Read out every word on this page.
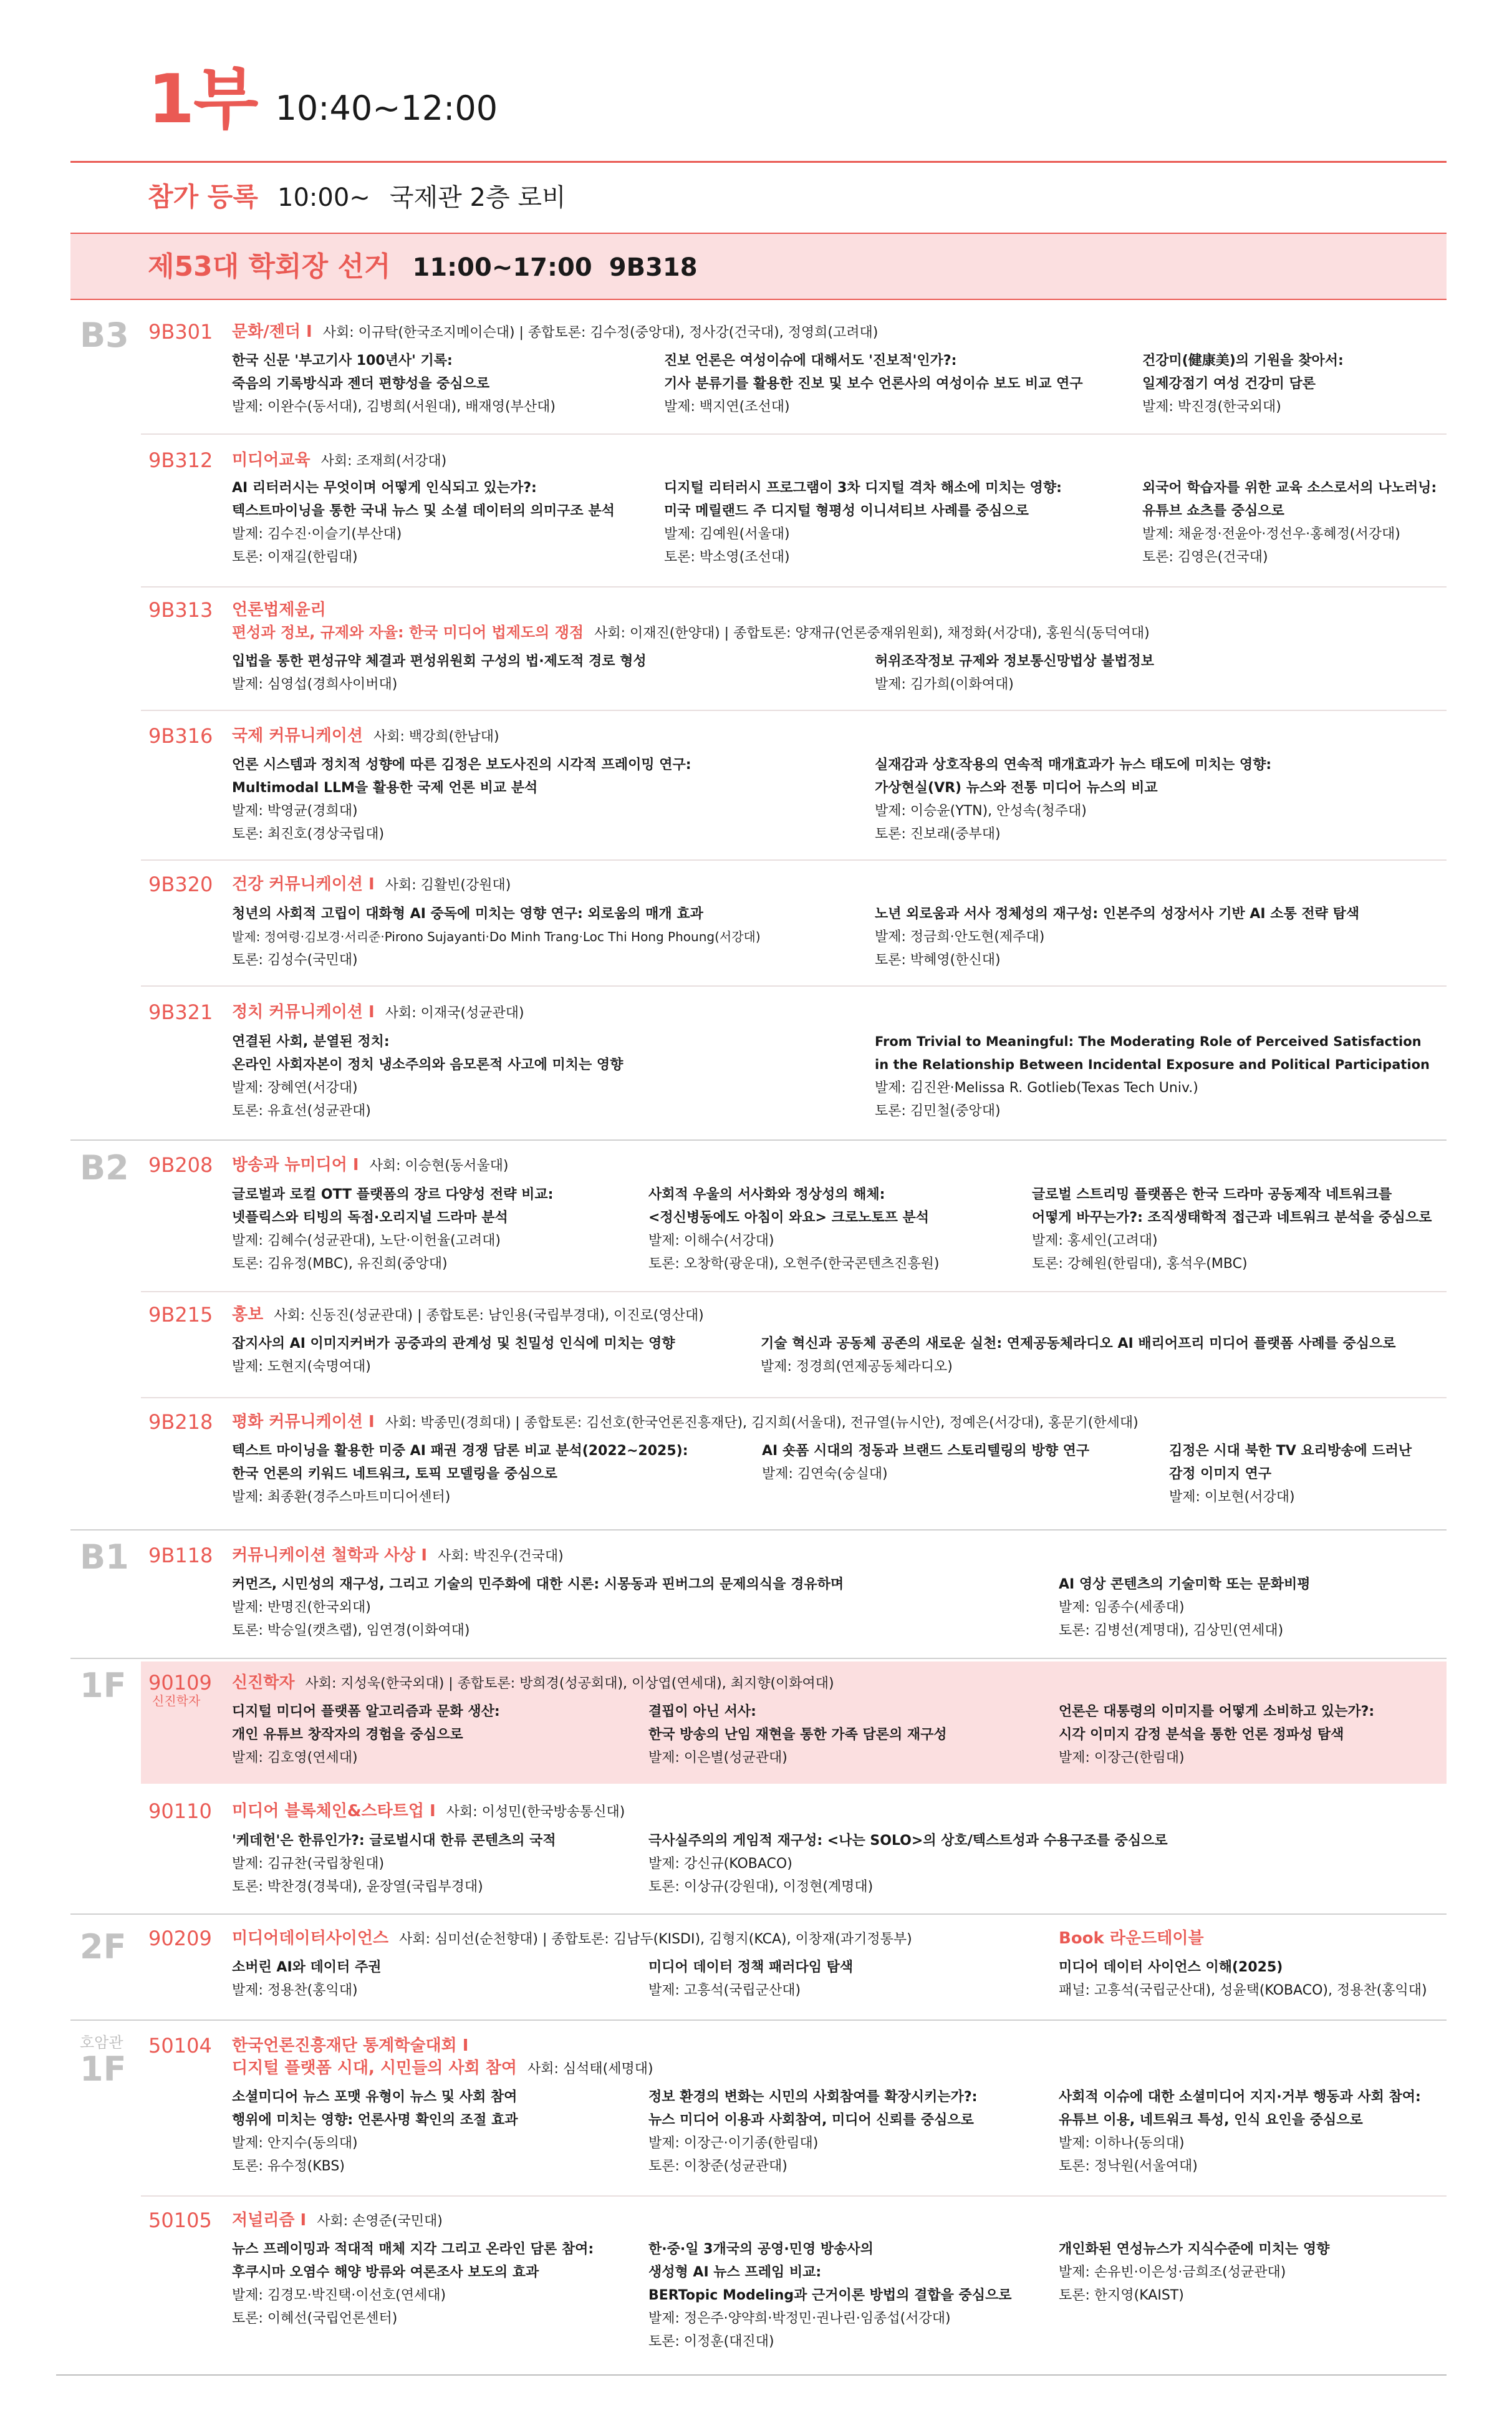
1부 10:40~12:00
참가 등록 10:00~ 국제관 2층 로비
제53대 학회장 선거 11:00~17:00 9B318
B3
B2
B1
1F
2F
호암관
1F
9B301 문화/젠더 I 사회: 이규탁(한국조지메이슨대) | 종합토론: 김수정(중앙대), 정사강(건국대), 정영희(고려대)
한국 신문 '부고기사 100년사' 기록:
죽음의 기록방식과 젠더 편향성을 중심으로
발제: 이완수(동서대), 김병희(서원대), 배재영(부산대)
진보 언론은 여성이슈에 대해서도 '진보적'인가?:
기사 분류기를 활용한 진보 및 보수 언론사의 여성이슈 보도 비교 연구
발제: 백지연(조선대)
건강미(健康美)의 기원을 찾아서:
일제강점기 여성 건강미 담론
발제: 박진경(한국외대)
9B312 미디어교육 사회: 조재희(서강대)
AI 리터러시는 무엇이며 어떻게 인식되고 있는가?:
텍스트마이닝을 통한 국내 뉴스 및 소셜 데이터의 의미구조 분석
발제: 김수진·이슬기(부산대)
토론: 이재길(한림대)
디지털 리터러시 프로그램이 3차 디지털 격차 해소에 미치는 영향:
미국 메릴랜드 주 디지털 형평성 이니셔티브 사례를 중심으로
발제: 김예원(서울대)
토론: 박소영(조선대)
외국어 학습자를 위한 교육 소스로서의 나노러닝:
유튜브 쇼츠를 중심으로
발제: 채윤정·전윤아·정선우·홍혜정(서강대)
토론: 김영은(건국대)
9B313 언론법제윤리
편성과 정보, 규제와 자율: 한국 미디어 법제도의 쟁점 사회: 이재진(한양대) | 종합토론: 양재규(언론중재위원회), 채정화(서강대), 홍원식(동덕여대)
입법을 통한 편성규약 체결과 편성위원회 구성의 법·제도적 경로 형성
발제: 심영섭(경희사이버대)
허위조작정보 규제와 정보통신망법상 불법정보
발제: 김가희(이화여대)
9B316 국제 커뮤니케이션 사회: 백강희(한남대)
언론 시스템과 정치적 성향에 따른 김정은 보도사진의 시각적 프레이밍 연구:
Multimodal LLM을 활용한 국제 언론 비교 분석
발제: 박영균(경희대)
토론: 최진호(경상국립대)
실재감과 상호작용의 연속적 매개효과가 뉴스 태도에 미치는 영향:
가상현실(VR) 뉴스와 전통 미디어 뉴스의 비교
발제: 이승윤(YTN), 안성속(청주대)
토론: 진보래(중부대)
9B320 건강 커뮤니케이션 I 사회: 김활빈(강원대)
청년의 사회적 고립이 대화형 AI 중독에 미치는 영향 연구: 외로움의 매개 효과
발제: 정여령·김보경·서리준·Pirono Sujayanti·Do Minh Trang·Loc Thi Hong Phoung(서강대)
토론: 김성수(국민대)
노년 외로움과 서사 정체성의 재구성: 인본주의 성장서사 기반 AI 소통 전략 탐색
발제: 정금희·안도현(제주대)
토론: 박혜영(한신대)
9B321 정치 커뮤니케이션 I 사회: 이재국(성균관대)
연결된 사회, 분열된 정치:
온라인 사회자본이 정치 냉소주의와 음모론적 사고에 미치는 영향
발제: 장혜연(서강대)
토론: 유효선(성균관대)
From Trivial to Meaningful: The Moderating Role of Perceived Satisfaction
in the Relationship Between Incidental Exposure and Political Participation
발제: 김진완·Melissa R. Gotlieb(Texas Tech Univ.)
토론: 김민철(중앙대)
9B208 방송과 뉴미디어 I 사회: 이승현(동서울대)
글로벌과 로컬 OTT 플랫폼의 장르 다양성 전략 비교:
넷플릭스와 티빙의 독점·오리지널 드라마 분석
발제: 김혜수(성균관대), 노단·이헌율(고려대)
토론: 김유정(MBC), 유진희(중앙대)
사회적 우울의 서사화와 정상성의 해체:
<정신병동에도 아침이 와요> 크로노토프 분석
발제: 이해수(서강대)
토론: 오창학(광운대), 오현주(한국콘텐츠진흥원)
글로벌 스트리밍 플랫폼은 한국 드라마 공동제작 네트워크를
어떻게 바꾸는가?: 조직생태학적 접근과 네트워크 분석을 중심으로
발제: 홍세인(고려대)
토론: 강혜원(한림대), 홍석우(MBC)
9B215 홍보 사회: 신동진(성균관대) | 종합토론: 남인용(국립부경대), 이진로(영산대)
잡지사의 AI 이미지커버가 공중과의 관계성 및 친밀성 인식에 미치는 영향
발제: 도현지(숙명여대)
기술 혁신과 공동체 공존의 새로운 실천: 연제공동체라디오 AI 배리어프리 미디어 플랫폼 사례를 중심으로
발제: 정경희(연제공동체라디오)
9B218 평화 커뮤니케이션 I 사회: 박종민(경희대) | 종합토론: 김선호(한국언론진흥재단), 김지희(서울대), 전규열(뉴시안), 정예은(서강대), 홍문기(한세대)
텍스트 마이닝을 활용한 미중 AI 패권 경쟁 담론 비교 분석(2022~2025):
한국 언론의 키워드 네트워크, 토픽 모델링을 중심으로
발제: 최종환(경주스마트미디어센터)
AI 숏폼 시대의 정동과 브랜드 스토리텔링의 방향 연구
발제: 김연숙(숭실대)
김정은 시대 북한 TV 요리방송에 드러난
감정 이미지 연구
발제: 이보현(서강대)
9B118 커뮤니케이션 철학과 사상 I 사회: 박진우(건국대)
커먼즈, 시민성의 재구성, 그리고 기술의 민주화에 대한 시론: 시몽동과 핀버그의 문제의식을 경유하며
발제: 반명진(한국외대)
토론: 박승일(캣츠랩), 임연경(이화여대)
AI 영상 콘텐츠의 기술미학 또는 문화비평
발제: 임종수(세종대)
토론: 김병선(계명대), 김상민(연세대)
90109
신진학자
신진학자 사회: 지성욱(한국외대) | 종합토론: 방희경(성공회대), 이상엽(연세대), 최지향(이화여대)
디지털 미디어 플랫폼 알고리즘과 문화 생산:
개인 유튜브 창작자의 경험을 중심으로
발제: 김호영(연세대)
결핍이 아닌 서사:
한국 방송의 난임 재현을 통한 가족 담론의 재구성
발제: 이은별(성균관대)
언론은 대통령의 이미지를 어떻게 소비하고 있는가?:
시각 이미지 감정 분석을 통한 언론 정파성 탐색
발제: 이장근(한림대)
90110 미디어 블록체인&스타트업 I 사회: 이성민(한국방송통신대)
'케데헌'은 한류인가?: 글로벌시대 한류 콘텐츠의 국적
발제: 김규찬(국립창원대)
토론: 박찬경(경북대), 윤장열(국립부경대)
극사실주의의 게임적 재구성: <나는 SOLO>의 상호/텍스트성과 수용구조를 중심으로
발제: 강신규(KOBACO)
토론: 이상규(강원대), 이정현(계명대)
90209 미디어데이터사이언스 사회: 심미선(순천향대) | 종합토론: 김남두(KISDI), 김형지(KCA), 이창재(과기정통부)
소버린 AI와 데이터 주권
발제: 정용찬(홍익대)
미디어 데이터 정책 패러다임 탐색
발제: 고흥석(국립군산대)
Book 라운드테이블
미디어 데이터 사이언스 이해(2025)
패널: 고흥석(국립군산대), 성윤택(KOBACO), 정용찬(홍익대)
50104 한국언론진흥재단 통계학술대회 I
디지털 플랫폼 시대, 시민들의 사회 참여 사회: 심석태(세명대)
소셜미디어 뉴스 포맷 유형이 뉴스 및 사회 참여
행위에 미치는 영향: 언론사명 확인의 조절 효과
발제: 안지수(동의대)
토론: 유수정(KBS)
정보 환경의 변화는 시민의 사회참여를 확장시키는가?:
뉴스 미디어 이용과 사회참여, 미디어 신뢰를 중심으로
발제: 이장근·이기종(한림대)
토론: 이창준(성균관대)
사회적 이슈에 대한 소셜미디어 지지·거부 행동과 사회 참여:
유튜브 이용, 네트워크 특성, 인식 요인을 중심으로
발제: 이하나(동의대)
토론: 정낙원(서울여대)
50105 저널리즘 I 사회: 손영준(국민대)
뉴스 프레이밍과 적대적 매체 지각 그리고 온라인 담론 참여:
후쿠시마 오염수 해양 방류와 여론조사 보도의 효과
발제: 김경모·박진택·이선호(연세대)
토론: 이혜선(국립언론센터)
한·중·일 3개국의 공영·민영 방송사의
생성형 AI 뉴스 프레임 비교:
BERTopic Modeling과 근거이론 방법의 결합을 중심으로
발제: 정은주·양약희·박정민·권나린·임종섭(서강대)
토론: 이정훈(대진대)
개인화된 연성뉴스가 지식수준에 미치는 영향
발제: 손유빈·이은성·금희조(성균관대)
토론: 한지영(KAIST)
